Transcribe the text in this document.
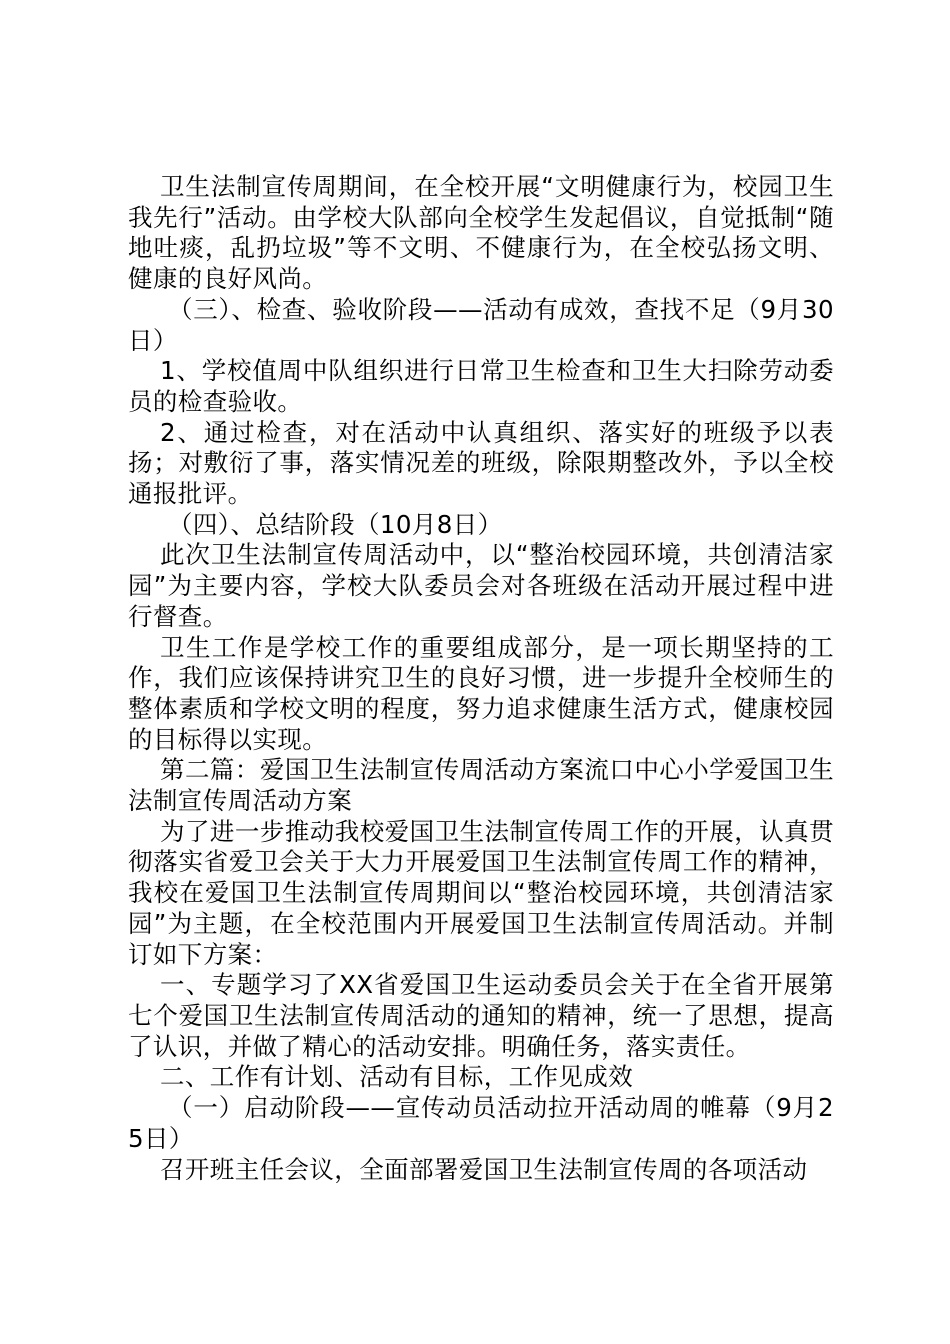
卫生法制宣传周期间，在全校开展“文明健康行为，校园卫生我先行”活动。由学校大队部向全校学生发起倡议，自觉抵制“随地吐痰，乱扔垃圾”等不文明、不健康行为，在全校弘扬文明、健康的良好风尚。

（三）、检查、验收阶段——活动有成效，查找不足（9月30日）

1、学校值周中队组织进行日常卫生检查和卫生大扫除劳动委员的检查验收。

2、通过检查，对在活动中认真组织、落实好的班级予以表扬；对敷衍了事，落实情况差的班级，除限期整改外，予以全校通报批评。

（四）、总结阶段（10月8日）

此次卫生法制宣传周活动中，以“整治校园环境，共创清洁家园”为主要内容，学校大队委员会对各班级在活动开展过程中进行督查。

卫生工作是学校工作的重要组成部分，是一项长期坚持的工作，我们应该保持讲究卫生的良好习惯，进一步提升全校师生的整体素质和学校文明的程度，努力追求健康生活方式，健康校园的目标得以实现。

第二篇：爱国卫生法制宣传周活动方案流口中心小学爱国卫生法制宣传周活动方案

为了进一步推动我校爱国卫生法制宣传周工作的开展，认真贯彻落实省爱卫会关于大力开展爱国卫生法制宣传周工作的精神，我校在爱国卫生法制宣传周期间以“整治校园环境，共创清洁家园”为主题，在全校范围内开展爱国卫生法制宣传周活动。并制订如下方案：

一、专题学习了XX省爱国卫生运动委员会关于在全省开展第七个爱国卫生法制宣传周活动的通知的精神，统一了思想，提高了认识，并做了精心的活动安排。明确任务，落实责任。

二、工作有计划、活动有目标，工作见成效

（一）启动阶段——宣传动员活动拉开活动周的帷幕（9月25日）

召开班主任会议，全面部署爱国卫生法制宣传周的各项活动
